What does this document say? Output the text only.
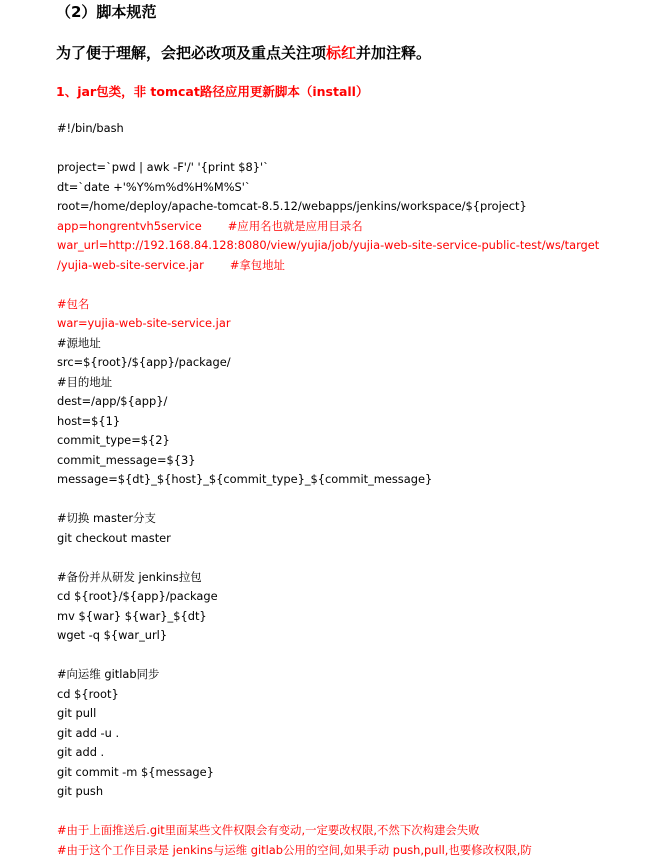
（2）脚本规范
为了便于理解，会把必改项及重点关注项标红并加注释。
1、jar包类，非 tomcat路径应用更新脚本（install）
#!/bin/bash
project=`pwd | awk -F'/' '{print $8}'`
dt=`date +'%Y%m%d%H%M%S'`
root=/home/deploy/apache-tomcat-8.5.12/webapps/jenkins/workspace/${project}
app=hongrentvh5service #应用名也就是应用目录名
war_url=http://192.168.84.128:8080/view/yujia/job/yujia-web-site-service-public-test/ws/target
/yujia-web-site-service.jar #拿包地址
#包名
war=yujia-web-site-service.jar
#源地址
src=${root}/${app}/package/
#目的地址
dest=/app/${app}/
host=${1}
commit_type=${2}
commit_message=${3}
message=${dt}_${host}_${commit_type}_${commit_message}
#切换 master分支
git checkout master
#备份并从研发 jenkins拉包
cd ${root}/${app}/package
mv ${war} ${war}_${dt}
wget -q ${war_url}
#向运维 gitlab同步
cd ${root}
git pull
git add -u .
git add .
git commit -m ${message}
git push
#由于上面推送后.git里面某些文件权限会有变动,一定要改权限,不然下次构建会失败
#由于这个工作目录是 jenkins与运维 gitlab公用的空间,如果手动 push,pull,也要修改权限,防
